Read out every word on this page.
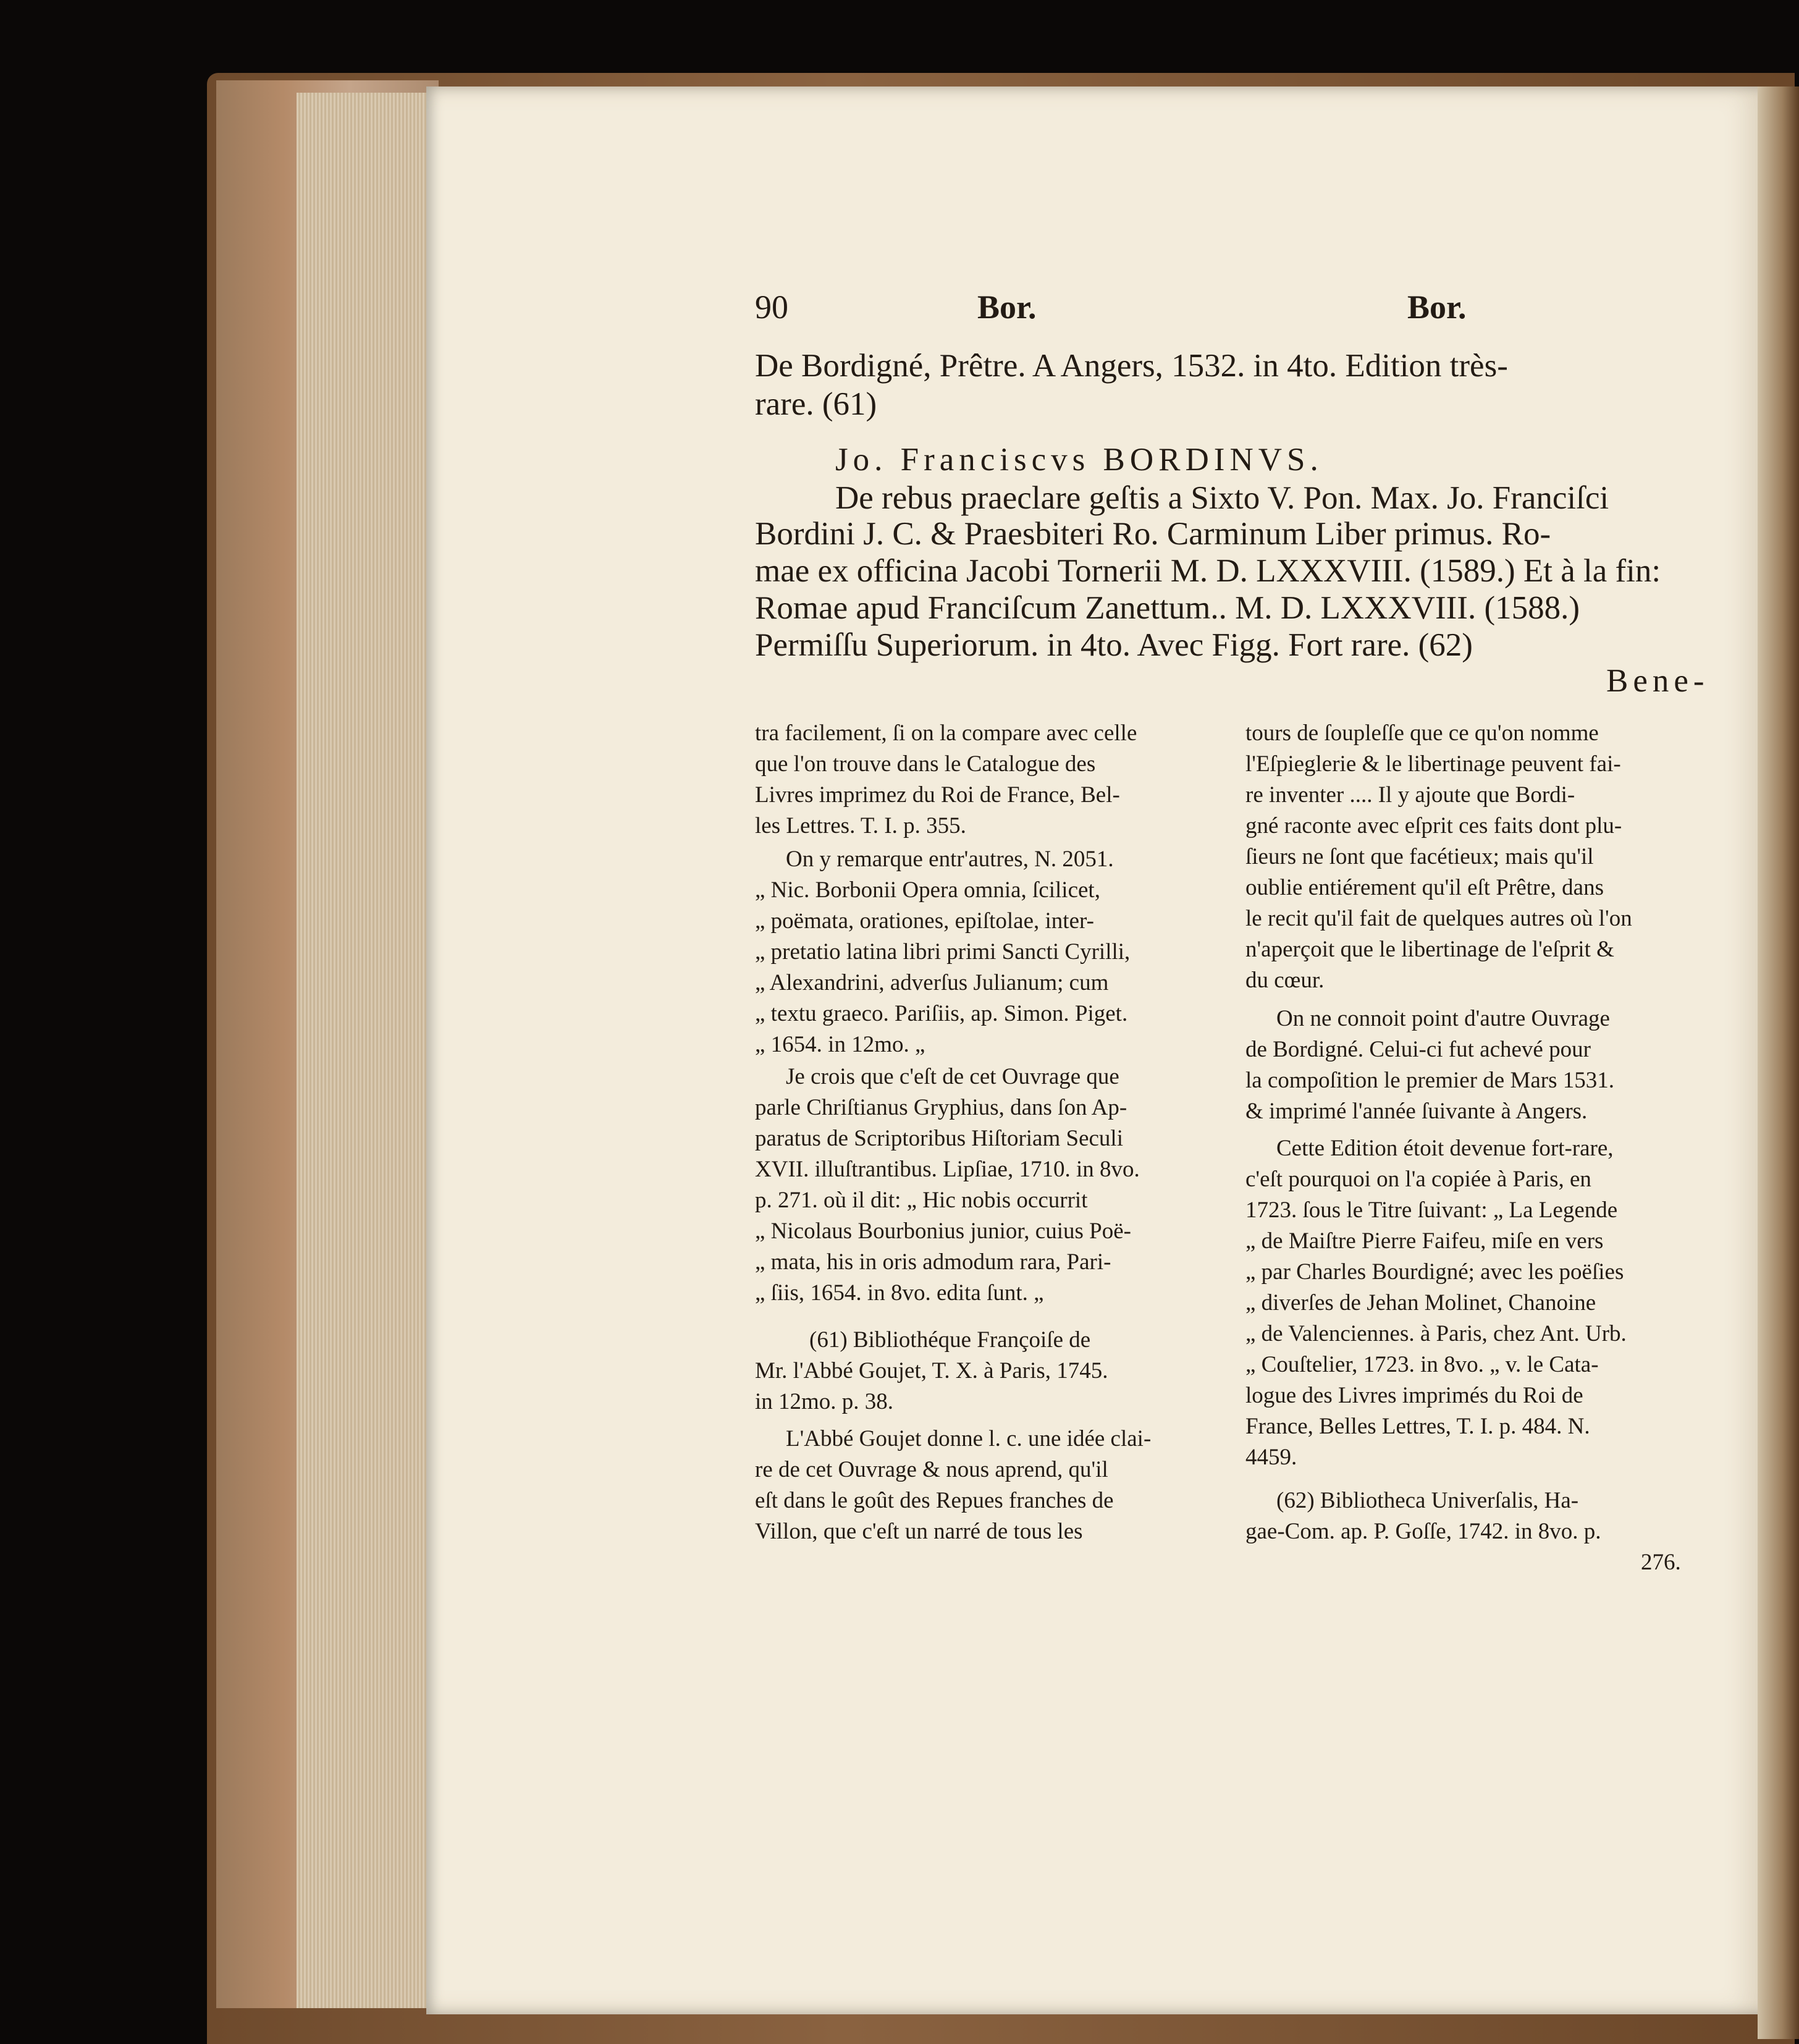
90	Bor.	Bor.
De Bordigné, Prêtre. A Angers, 1532. in 4to. Edition très-
rare. (61)
Jo. Franciscvs BORDINVS.
De rebus praeclare geſtis a Sixto V. Pon. Max. Jo. Franciſci
Bordini J. C. & Praesbiteri Ro. Carminum Liber primus. Ro-
mae ex officina Jacobi Tornerii M. D. LXXXVIII. (1589.) Et à la fin:
Romae apud Franciſcum Zanettum.. M. D. LXXXVIII. (1588.)
Permiſſu Superiorum. in 4to. Avec Figg. Fort rare. (62)
Bene-
tra facilement, ſi on la compare avec celle
que l'on trouve dans le Catalogue des
Livres imprimez du Roi de France, Bel-
les Lettres. T. I. p. 355.
On y remarque entr'autres, N. 2051.
„ Nic. Borbonii Opera omnia, ſcilicet,
„ poëmata, orationes, epiſtolae, inter-
„ pretatio latina libri primi Sancti Cyrilli,
„ Alexandrini, adverſus Julianum; cum
„ textu graeco. Pariſiis, ap. Simon. Piget.
„ 1654. in 12mo. „
Je crois que c'eſt de cet Ouvrage que
parle Chriſtianus Gryphius, dans ſon Ap-
paratus de Scriptoribus Hiſtoriam Seculi
XVII. illuſtrantibus. Lipſiae, 1710. in 8vo.
p. 271. où il dit: „ Hic nobis occurrit
„ Nicolaus Bourbonius junior, cuius Poë-
„ mata, his in oris admodum rara, Pari-
„ ſiis, 1654. in 8vo. edita ſunt. „
(61) Bibliothéque Françoiſe de
Mr. l'Abbé Goujet, T. X. à Paris, 1745.
in 12mo. p. 38.
L'Abbé Goujet donne l. c. une idée clai-
re de cet Ouvrage & nous aprend, qu'il
eſt dans le goût des Repues franches de
Villon, que c'eſt un narré de tous les
tours de ſoupleſſe que ce qu'on nomme
l'Eſpieglerie & le libertinage peuvent fai-
re inventer .... Il y ajoute que Bordi-
gné raconte avec eſprit ces faits dont plu-
ſieurs ne ſont que facétieux; mais qu'il
oublie entiérement qu'il eſt Prêtre, dans
le recit qu'il fait de quelques autres où l'on
n'aperçoit que le libertinage de l'eſprit &
du cœur.
On ne connoit point d'autre Ouvrage
de Bordigné. Celui-ci fut achevé pour
la compoſition le premier de Mars 1531.
& imprimé l'année ſuivante à Angers.
Cette Edition étoit devenue fort-rare,
c'eſt pourquoi on l'a copiée à Paris, en
1723. ſous le Titre ſuivant: „ La Legende
„ de Maiſtre Pierre Faifeu, miſe en vers
„ par Charles Bourdigné; avec les poëſies
„ diverſes de Jehan Molinet, Chanoine
„ de Valenciennes. à Paris, chez Ant. Urb.
„ Couſtelier, 1723. in 8vo. „ v. le Cata-
logue des Livres imprimés du Roi de
France, Belles Lettres, T. I. p. 484. N.
4459.
(62) Bibliotheca Univerſalis, Ha-
gae-Com. ap. P. Goſſe, 1742. in 8vo. p.
276.
